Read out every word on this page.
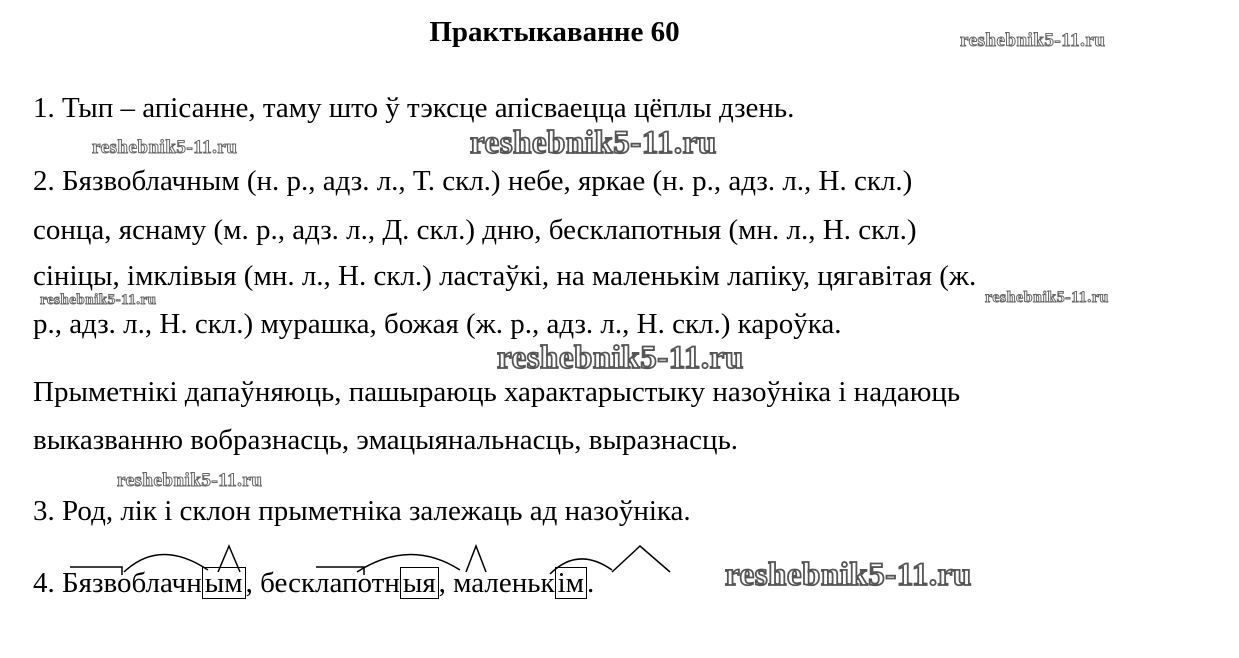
Практыкаванне 60	reshebnik5-11.ru
1. Тып – апісанне, таму што ў тэксце апісваецца цёплы дзень.
reshebnik5-11.ru	reshebnik5-11.ru
2. Бязвоблачным (н. р., адз. л., Т. скл.) небе, яркае (н. р., адз. л., Н. скл.)
сонца, яснаму (м. р., адз. л., Д. скл.) дню, бесклапотныя (мн. л., Н. скл.)
сініцы, імклівыя (мн. л., Н. скл.) ластаўкі, на маленькім лапіку, цягавітая (ж.
reshebnik5-11.ru	reshebnik5-11.ru
р., адз. л., Н. скл.) мурашка, божая (ж. р., адз. л., Н. скл.) кароўка.
reshebnik5-11.ru
Прыметнікі дапаўняюць, пашыраюць характарыстыку назоўніка і надаюць
выказванню вобразнасць, эмацыянальнасць, выразнасць.
reshebnik5-11.ru
3. Род, лік і склон прыметніка залежаць ад назоўніка.
4. Бязвоблачн ым , бесклапотн ыя , маленьк ім .	reshebnik5-11.ru
